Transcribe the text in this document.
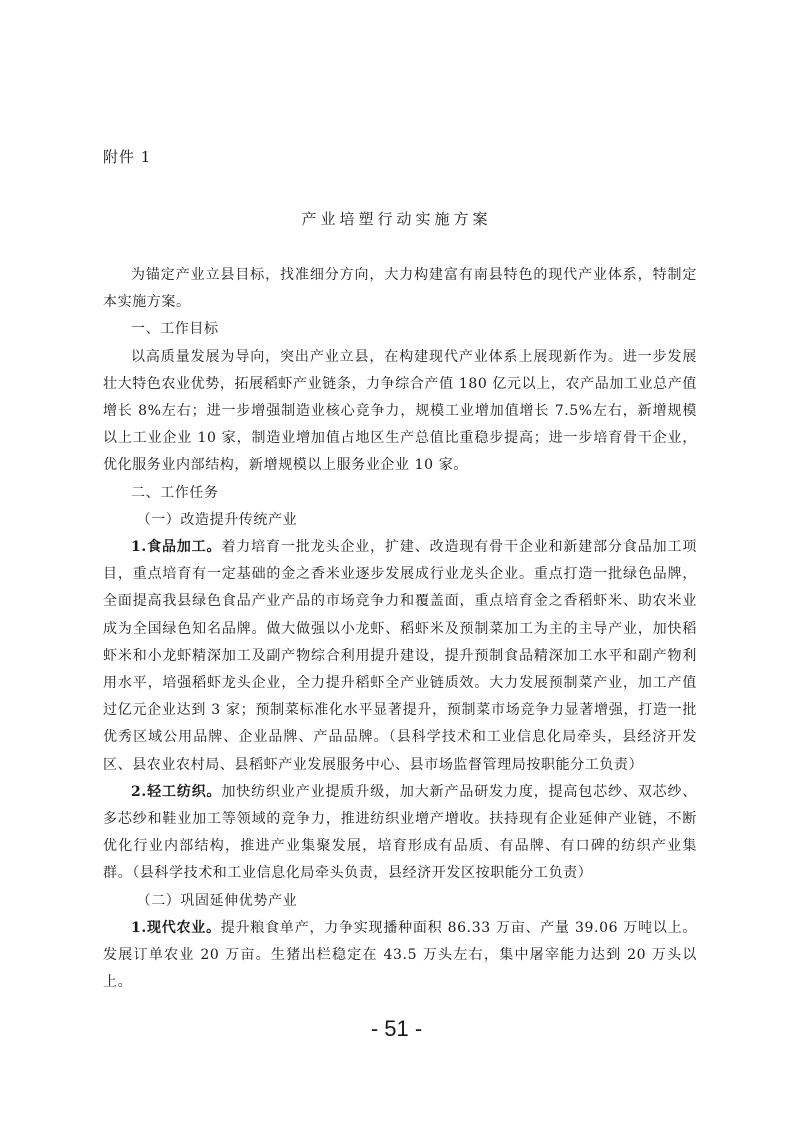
附件 1
产业培塑行动实施方案

为锚定产业立县目标，找准细分方向，大力构建富有南县特色的现代产业体系，特制定本实施方案。

一、工作目标

以高质量发展为导向，突出产业立县，在构建现代产业体系上展现新作为。进一步发展壮大特色农业优势，拓展稻虾产业链条，力争综合产值 180 亿元以上，农产品加工业总产值增长 8%左右；进一步增强制造业核心竞争力，规模工业增加值增长 7.5%左右，新增规模以上工业企业 10 家，制造业增加值占地区生产总值比重稳步提高；进一步培育骨干企业，优化服务业内部结构，新增规模以上服务业企业 10 家。

二、工作任务

（一）改造提升传统产业

1.食品加工。着力培育一批龙头企业，扩建、改造现有骨干企业和新建部分食品加工项目，重点培育有一定基础的金之香米业逐步发展成行业龙头企业。重点打造一批绿色品牌，全面提高我县绿色食品产业产品的市场竞争力和覆盖面，重点培育金之香稻虾米、助农米业成为全国绿色知名品牌。做大做强以小龙虾、稻虾米及预制菜加工为主的主导产业，加快稻虾米和小龙虾精深加工及副产物综合利用提升建设，提升预制食品精深加工水平和副产物利用水平，培强稻虾龙头企业，全力提升稻虾全产业链质效。大力发展预制菜产业，加工产值过亿元企业达到 3 家；预制菜标准化水平显著提升，预制菜市场竞争力显著增强，打造一批优秀区域公用品牌、企业品牌、产品品牌。（县科学技术和工业信息化局牵头，县经济开发区、县农业农村局、县稻虾产业发展服务中心、县市场监督管理局按职能分工负责）

2.轻工纺织。加快纺织业产业提质升级，加大新产品研发力度，提高包芯纱、双芯纱、多芯纱和鞋业加工等领域的竞争力，推进纺织业增产增收。扶持现有企业延伸产业链，不断优化行业内部结构，推进产业集聚发展，培育形成有品质、有品牌、有口碑的纺织产业集群。（县科学技术和工业信息化局牵头负责，县经济开发区按职能分工负责）

（二）巩固延伸优势产业

1.现代农业。提升粮食单产，力争实现播种面积 86.33 万亩、产量 39.06 万吨以上。发展订单农业 20 万亩。生猪出栏稳定在 43.5 万头左右，集中屠宰能力达到 20 万头以上。

- 51 -
